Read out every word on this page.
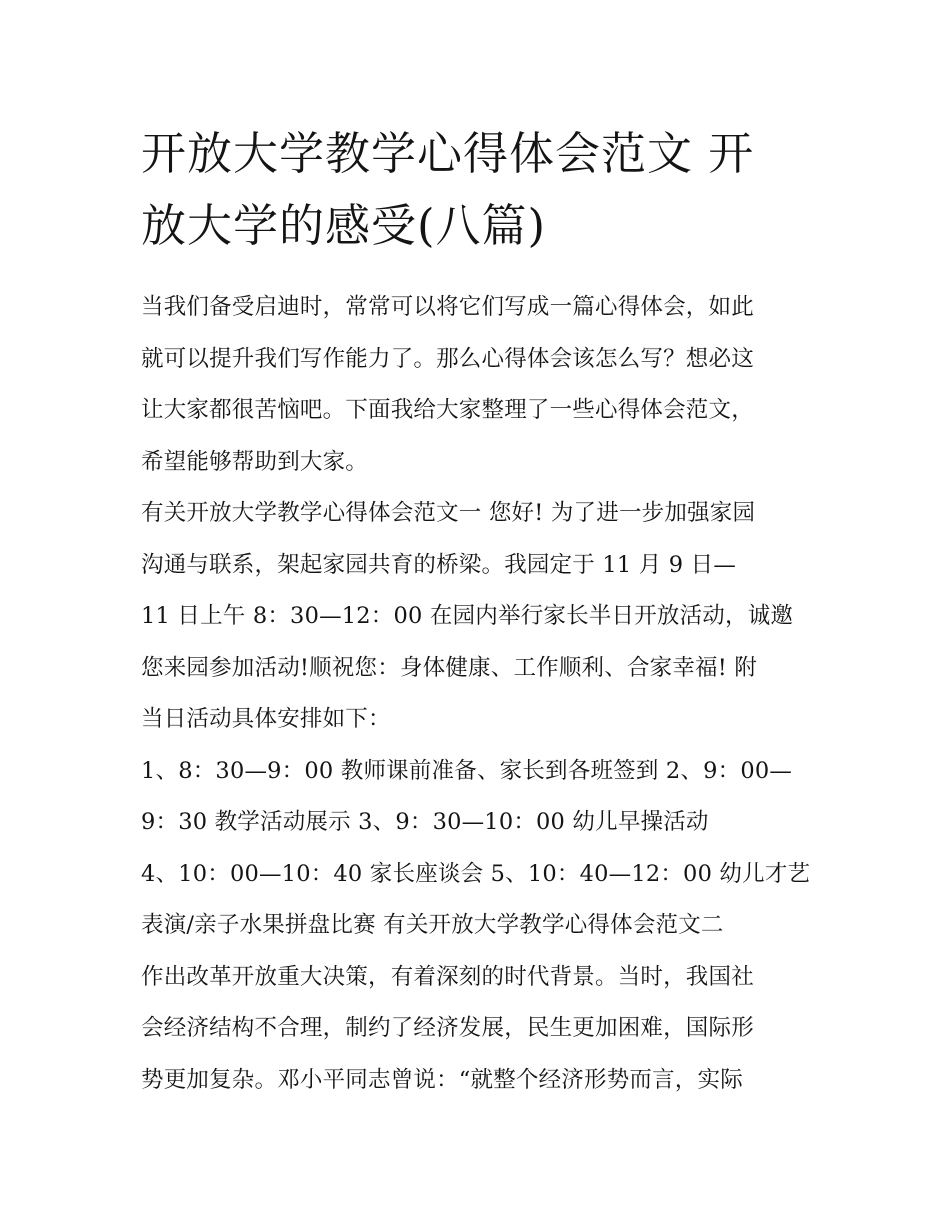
开放大学教学心得体会范文 开
放大学的感受(八篇)
当我们备受启迪时，常常可以将它们写成一篇心得体会，如此
就可以提升我们写作能力了。那么心得体会该怎么写？想必这
让大家都很苦恼吧。下面我给大家整理了一些心得体会范文，
希望能够帮助到大家。
有关开放大学教学心得体会范文一 您好! 为了进一步加强家园
沟通与联系，架起家园共育的桥梁。我园定于 11 月 9 日—
11 日上午 8：30—12：00 在园内举行家长半日开放活动，诚邀
您来园参加活动!顺祝您：身体健康、工作顺利、合家幸福! 附
当日活动具体安排如下：
1、8：30—9：00 教师课前准备、家长到各班签到 2、9：00—
9：30 教学活动展示 3、9：30—10：00 幼儿早操活动
4、10：00—10：40 家长座谈会 5、10：40—12：00 幼儿才艺
表演/亲子水果拼盘比赛 有关开放大学教学心得体会范文二
作出改革开放重大决策，有着深刻的时代背景。当时，我国社
会经济结构不合理，制约了经济发展，民生更加困难，国际形
势更加复杂。邓小平同志曾说：“就整个经济形势而言，实际
